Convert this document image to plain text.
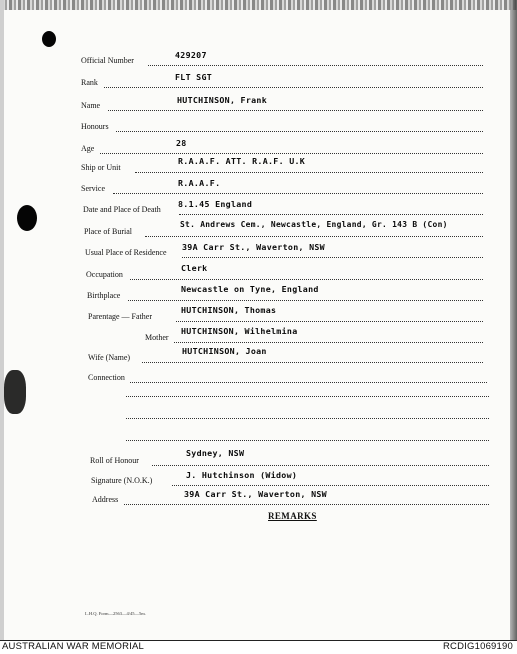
Official Number
429207
Rank
FLT SGT
Name
HUTCHINSON, Frank
Honours
Age
28
Ship or Unit
R.A.A.F. ATT. R.A.F. U.K
Service
R.A.A.F.
Date and Place of Death
8.1.45 England
Place of Burial
St. Andrews Cem., Newcastle, England, Gr. 143 B (Con)
Usual Place of Residence
39A Carr St., Waverton, NSW
Occupation
Clerk
Birthplace
Newcastle on Tyne, England
Parentage — Father
HUTCHINSON, Thomas
Mother
HUTCHINSON, Wilhelmina
Wife (Name)
HUTCHINSON, Joan
Connection
Roll of Honour
Sydney, NSW
Signature (N.O.K.)
J. Hutchinson (Widow)
Address
39A Carr St., Waverton, NSW
REMARKS
L.H.Q. Form—2563—4/45—5m.
AUSTRALIAN WAR MEMORIAL	RCDIG1069190
